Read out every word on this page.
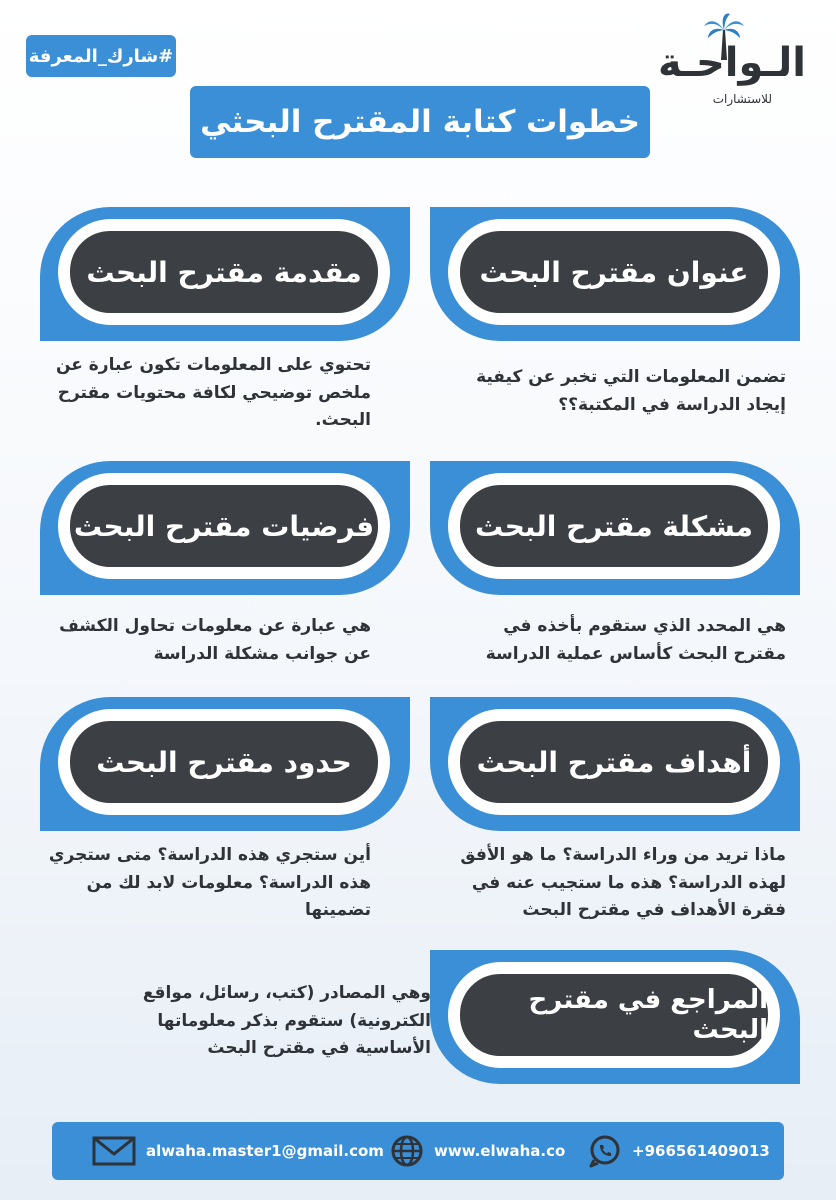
الـواحـة
للاستشارات
#شارك_المعرفة
خطوات كتابة المقترح البحثي
عنوان مقترح البحث
مقدمة مقترح البحث
تضمن المعلومات التي تخبر عن كيفية إيجاد الدراسة في المكتبة؟؟
تحتوي على المعلومات تكون عبارة عن ملخص توضيحي لكافة محتويات مقترح البحث.
مشكلة مقترح البحث
فرضيات مقترح البحث
هي المحدد الذي ستقوم بأخذه في مقترح البحث كأساس عملية الدراسة
هي عبارة عن معلومات تحاول الكشف عن جوانب مشكلة الدراسة
أهداف مقترح البحث
حدود مقترح البحث
ماذا تريد من وراء الدراسة؟ ما هو الأفق لهذه الدراسة؟ هذه ما ستجيب عنه في فقرة الأهداف في مقترح البحث
أين ستجري هذه الدراسة؟ متى ستجري هذه الدراسة؟ معلومات لابد لك من تضمينها
المراجع في مقترح البحث
وهي المصادر (كتب، رسائل، مواقع الكترونية) ستقوم بذكر معلوماتها الأساسية في مقترح البحث
alwaha.master1@gmail.com	www.elwaha.co	+966561409013
